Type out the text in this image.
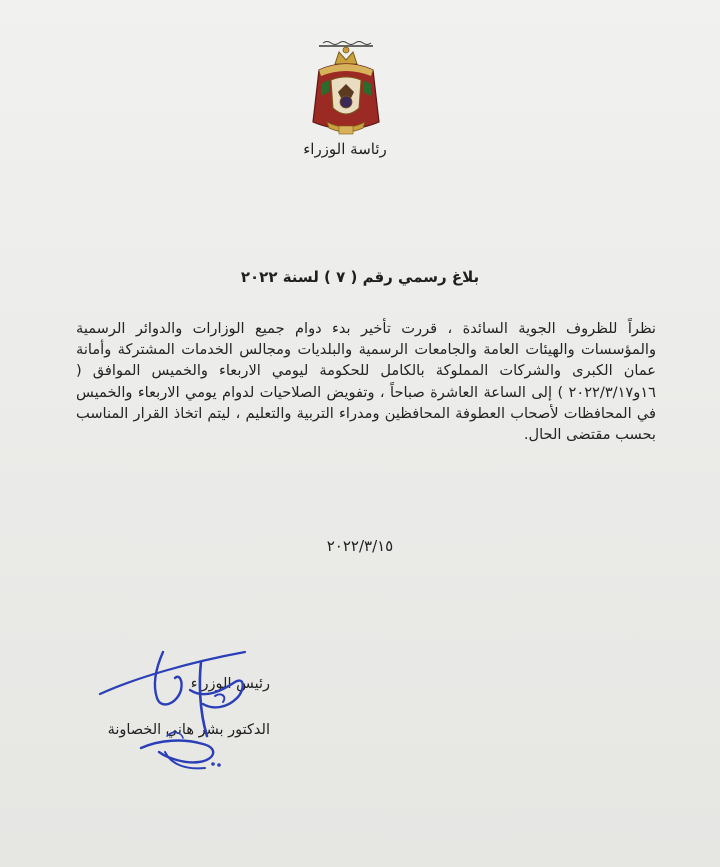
رئاسة الوزراء
بلاغ رسمي رقم ( ٧ ) لسنة ٢٠٢٢

نظراً للظروف الجوية السائدة ، قررت تأخير بدء دوام جميع الوزارات والدوائر الرسمية والمؤسسات والهيئات العامة والجامعات الرسمية والبلديات ومجالس الخدمات المشتركة وأمانة عمان الكبرى والشركات المملوكة بالكامل للحكومة ليومي الاربعاء والخميس الموافق ( ١٦و٢٠٢٢/٣/١٧ ) إلى الساعة العاشرة صباحاً ، وتفويض الصلاحيات لدوام يومي الاربعاء والخميس في المحافظات لأصحاب العطوفة المحافظين ومدراء التربية والتعليم ، ليتم اتخاذ القرار المناسب بحسب مقتضى الحال.

٢٠٢٢/٣/١٥
رئيس الوزراء
الدكتور بشر هاني الخصاونة
